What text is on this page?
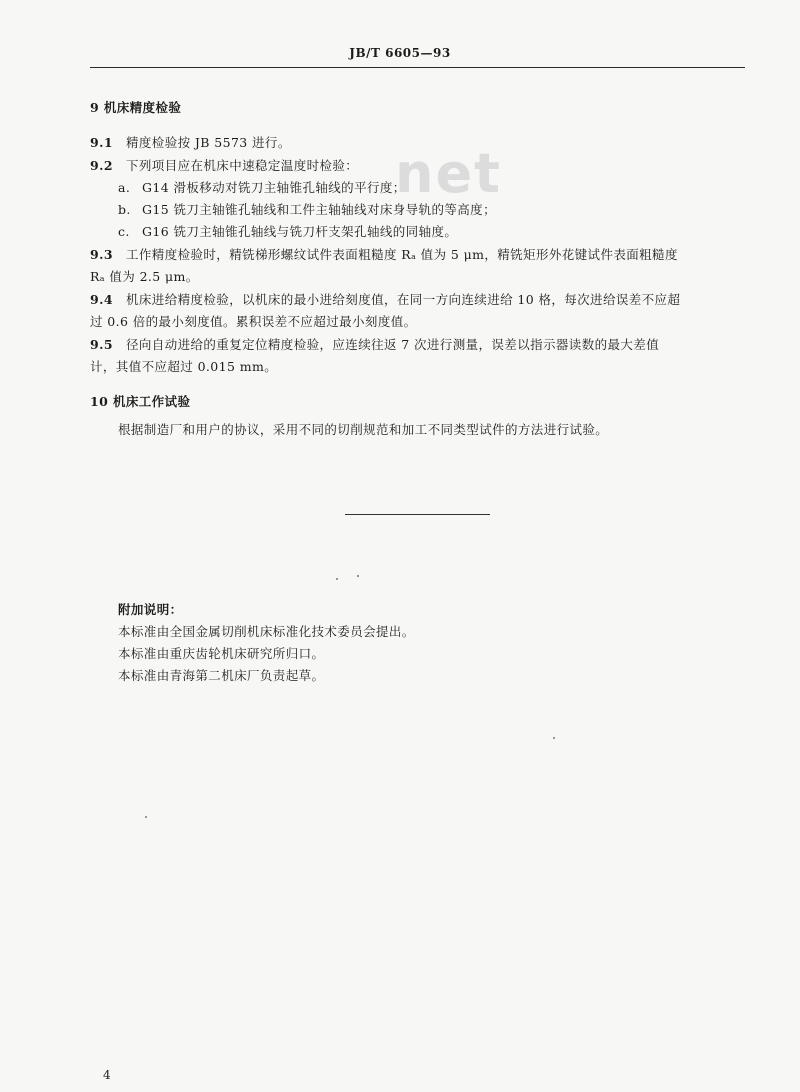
JB/T 6605—93
net
9 机床精度检验
9.1 精度检验按 JB 5573 进行。
9.2 下列项目应在机床中速稳定温度时检验：
a. G14 滑板移动对铣刀主轴锥孔轴线的平行度；
b. G15 铣刀主轴锥孔轴线和工件主轴轴线对床身导轨的等高度；
c. G16 铣刀主轴锥孔轴线与铣刀杆支架孔轴线的同轴度。
9.3 工作精度检验时，精铣梯形螺纹试件表面粗糙度 Rₐ 值为 5 μm，精铣矩形外花键试件表面粗糙度
Rₐ 值为 2.5 μm。
9.4 机床进给精度检验，以机床的最小进给刻度值，在同一方向连续进给 10 格，每次进给误差不应超
过 0.6 倍的最小刻度值。累积误差不应超过最小刻度值。
9.5 径向自动进给的重复定位精度检验，应连续往返 7 次进行测量，误差以指示器读数的最大差值
计，其值不应超过 0.015 mm。
10 机床工作试验
根据制造厂和用户的协议，采用不同的切削规范和加工不同类型试件的方法进行试验。
附加说明：
本标准由全国金属切削机床标准化技术委员会提出。
本标准由重庆齿轮机床研究所归口。
本标准由青海第二机床厂负责起草。
4
